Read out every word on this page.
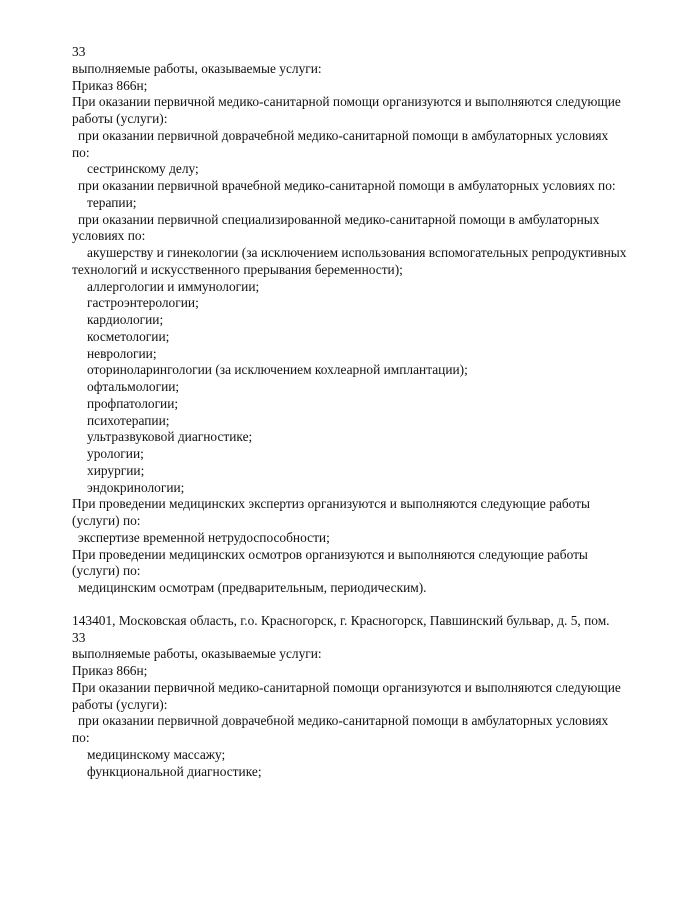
33
выполняемые работы, оказываемые услуги:
Приказ 866н;
При оказании первичной медико-санитарной помощи организуются и выполняются следующие
работы (услуги):
при оказании первичной доврачебной медико-санитарной помощи в амбулаторных условиях
по:
сестринскому делу;
при оказании первичной врачебной медико-санитарной помощи в амбулаторных условиях по:
терапии;
при оказании первичной специализированной медико-санитарной помощи в амбулаторных
условиях по:
акушерству и гинекологии (за исключением использования вспомогательных репродуктивных
технологий и искусственного прерывания беременности);
аллергологии и иммунологии;
гастроэнтерологии;
кардиологии;
косметологии;
неврологии;
оториноларингологии (за исключением кохлеарной имплантации);
офтальмологии;
профпатологии;
психотерапии;
ультразвуковой диагностике;
урологии;
хирургии;
эндокринологии;
При проведении медицинских экспертиз организуются и выполняются следующие работы
(услуги) по:
экспертизе временной нетрудоспособности;
При проведении медицинских осмотров организуются и выполняются следующие работы
(услуги) по:
медицинским осмотрам (предварительным, периодическим).
143401, Московская область, г.о. Красногорск, г. Красногорск, Павшинский бульвар, д. 5, пом.
33
выполняемые работы, оказываемые услуги:
Приказ 866н;
При оказании первичной медико-санитарной помощи организуются и выполняются следующие
работы (услуги):
при оказании первичной доврачебной медико-санитарной помощи в амбулаторных условиях
по:
медицинскому массажу;
функциональной диагностике;
